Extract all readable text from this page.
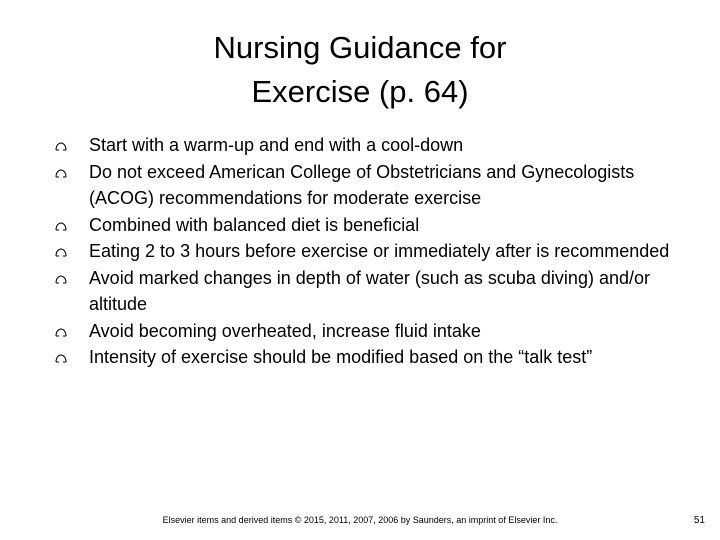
Nursing Guidance for
Exercise (p. 64)
Start with a warm-up and end with a cool-down
Do not exceed American College of Obstetricians and Gynecologists (ACOG) recommendations for moderate exercise
Combined with balanced diet is beneficial
Eating 2 to 3 hours before exercise or immediately after is recommended
Avoid marked changes in depth of water (such as scuba diving) and/or altitude
Avoid becoming overheated, increase fluid intake
Intensity of exercise should be modified based on the “talk test”
Elsevier items and derived items © 2015, 2011, 2007, 2006 by Saunders, an imprint of Elsevier Inc.	51
